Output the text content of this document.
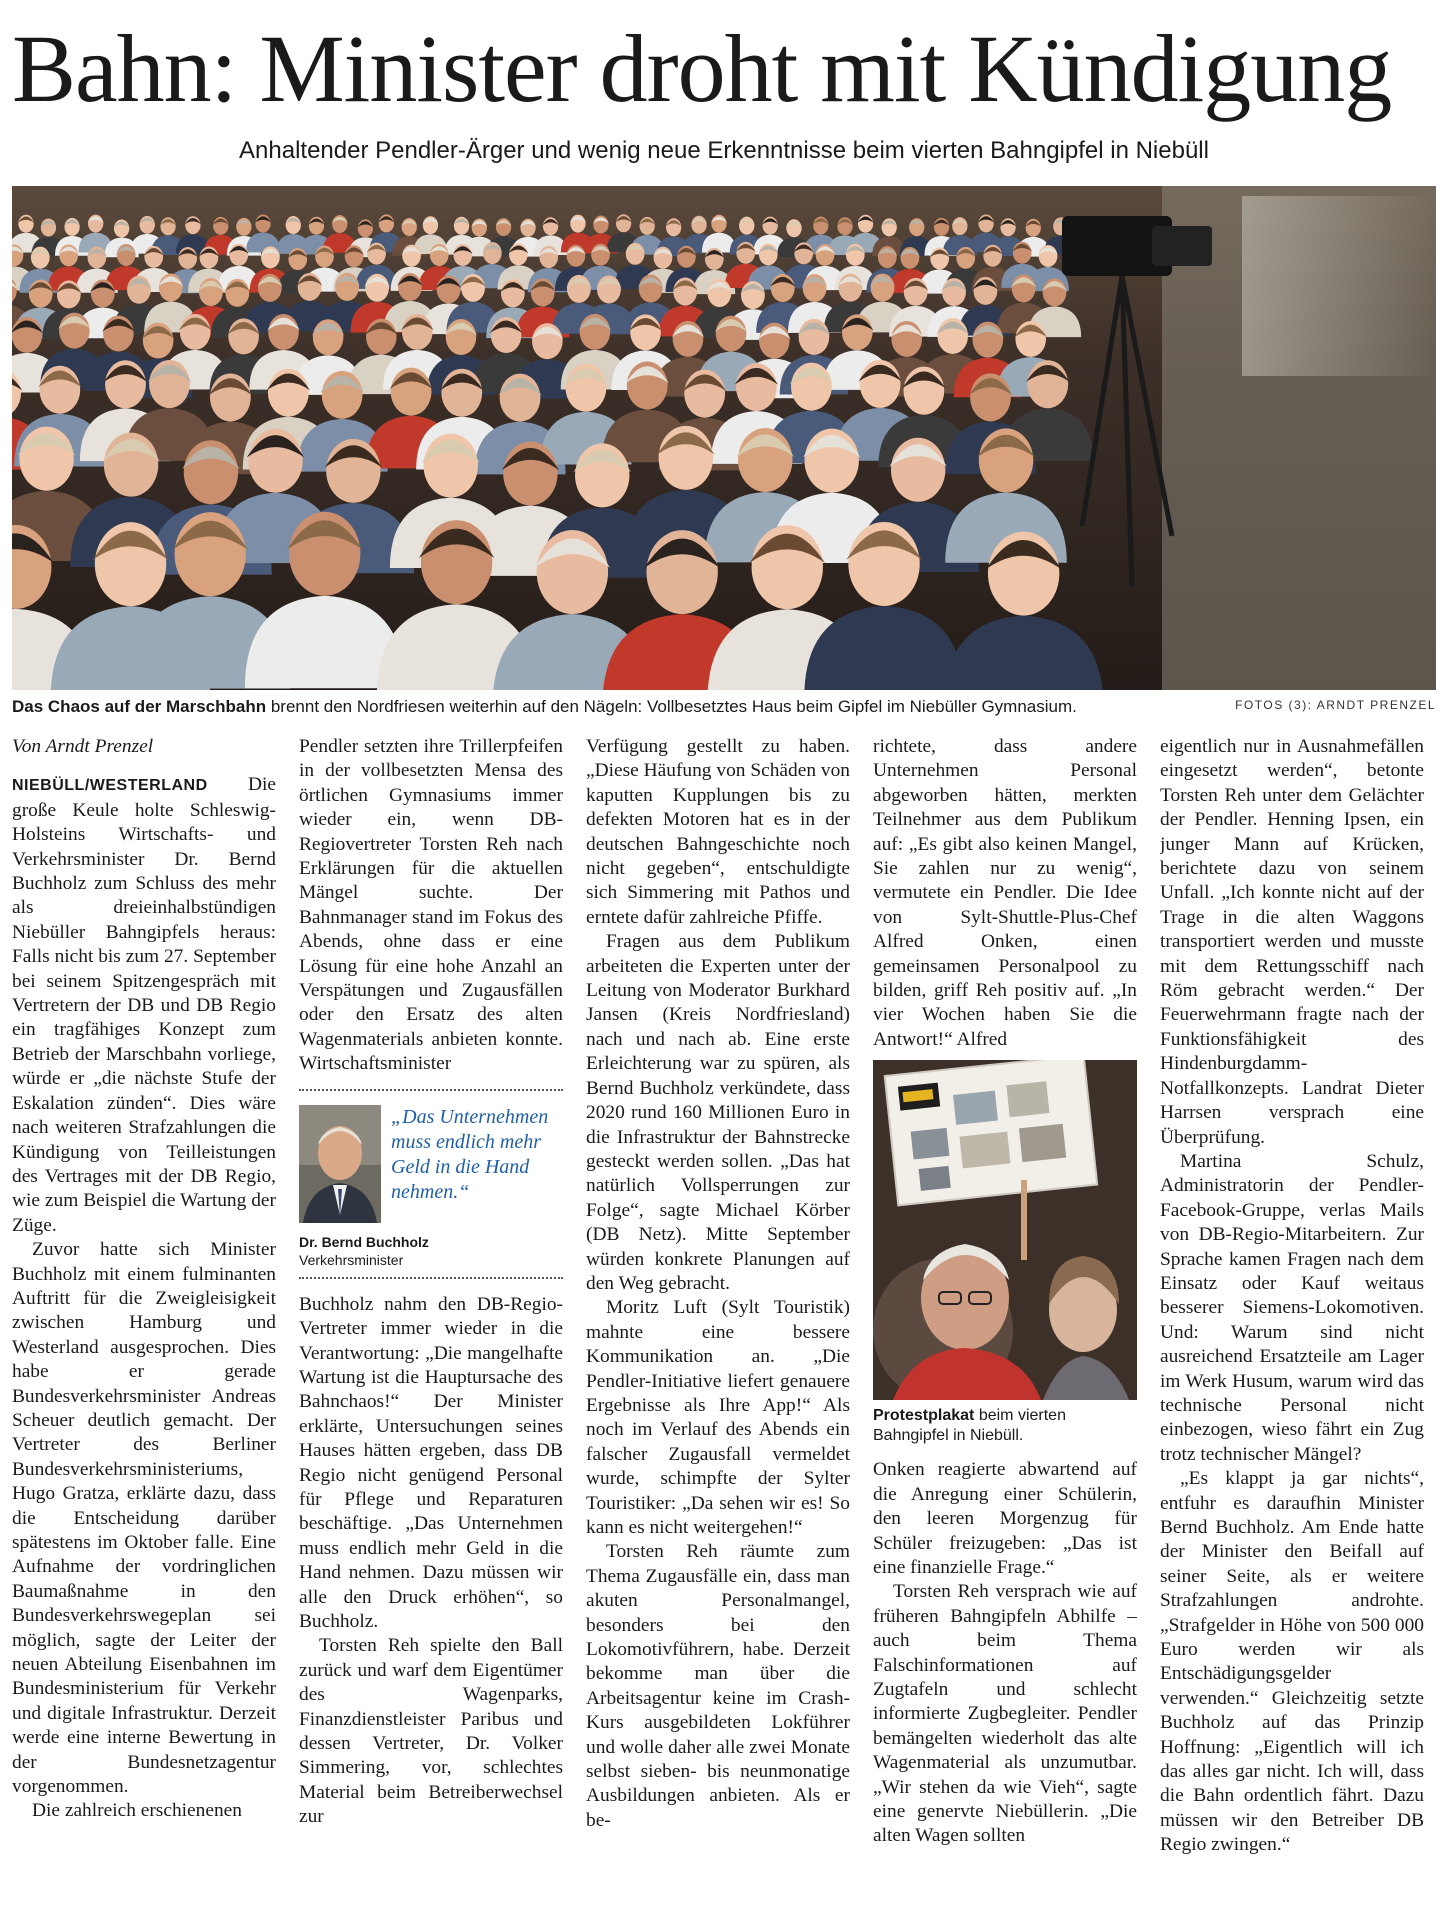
Bahn: Minister droht mit Kündigung
Anhaltender Pendler-Ärger und wenig neue Erkenntnisse beim vierten Bahngipfel in Niebüll
Das Chaos auf der Marschbahn brennt den Nordfriesen weiterhin auf den Nägeln: Vollbesetztes Haus beim Gipfel im Niebüller Gymnasium.	FOTOS (3): ARNDT PRENZEL

Von Arndt Prenzel

NIEBÜLL/WESTERLAND Die große Keule holte Schleswig-Holsteins Wirtschafts- und Verkehrsminister Dr. Bernd Buchholz zum Schluss des mehr als dreieinhalbstündigen Niebüller Bahngipfels heraus: Falls nicht bis zum 27. September bei seinem Spitzengespräch mit Vertretern der DB und DB Regio ein tragfähiges Konzept zum Betrieb der Marschbahn vorliege, würde er „die nächste Stufe der Eskalation zünden“. Dies wäre nach weiteren Strafzahlungen die Kündigung von Teilleistungen des Vertrages mit der DB Regio, wie zum Beispiel die Wartung der Züge.

Zuvor hatte sich Minister Buchholz mit einem fulminanten Auftritt für die Zweigleisigkeit zwischen Hamburg und Westerland ausgesprochen. Dies habe er gerade Bundesverkehrsminister Andreas Scheuer deutlich gemacht. Der Vertreter des Berliner Bundesverkehrsministeriums, Hugo Gratza, erklärte dazu, dass die Entscheidung darüber spätestens im Oktober falle. Eine Aufnahme der vordringlichen Baumaßnahme in den Bundesverkehrswegeplan sei möglich, sagte der Leiter der neuen Abteilung Eisenbahnen im Bundesministerium für Verkehr und digitale Infrastruktur. Derzeit werde eine interne Bewertung in der Bundesnetzagentur vorgenommen.

Die zahlreich erschienenen

Pendler setzten ihre Trillerpfeifen in der vollbesetzten Mensa des örtlichen Gymnasiums immer wieder ein, wenn DB-Regiovertreter Torsten Reh nach Erklärungen für die aktuellen Mängel suchte. Der Bahnmanager stand im Fokus des Abends, ohne dass er eine Lösung für eine hohe Anzahl an Verspätungen und Zugausfällen oder den Ersatz des alten Wagenmaterials anbieten konnte. Wirtschaftsminister

„Das Unternehmen muss endlich mehr Geld in die Hand nehmen.“
Dr. Bernd Buchholz
Verkehrsminister

Buchholz nahm den DB-Regio-Vertreter immer wieder in die Verantwortung: „Die mangelhafte Wartung ist die Hauptursache des Bahnchaos!“ Der Minister erklärte, Untersuchungen seines Hauses hätten ergeben, dass DB Regio nicht genügend Personal für Pflege und Reparaturen beschäftige. „Das Unternehmen muss endlich mehr Geld in die Hand nehmen. Dazu müssen wir alle den Druck erhöhen“, so Buchholz.

Torsten Reh spielte den Ball zurück und warf dem Eigentümer des Wagenparks, Finanzdienstleister Paribus und dessen Vertreter, Dr. Volker Simmering, vor, schlechtes Material beim Betreiberwechsel zur

Verfügung gestellt zu haben. „Diese Häufung von Schäden von kaputten Kupplungen bis zu defekten Motoren hat es in der deutschen Bahngeschichte noch nicht gegeben“, entschuldigte sich Simmering mit Pathos und erntete dafür zahlreiche Pfiffe.

Fragen aus dem Publikum arbeiteten die Experten unter der Leitung von Moderator Burkhard Jansen (Kreis Nordfriesland) nach und nach ab. Eine erste Erleichterung war zu spüren, als Bernd Buchholz verkündete, dass 2020 rund 160 Millionen Euro in die Infrastruktur der Bahnstrecke gesteckt werden sollen. „Das hat natürlich Vollsperrungen zur Folge“, sagte Michael Körber (DB Netz). Mitte September würden konkrete Planungen auf den Weg gebracht.

Moritz Luft (Sylt Touristik) mahnte eine bessere Kommunikation an. „Die Pendler-Initiative liefert genauere Ergebnisse als Ihre App!“ Als noch im Verlauf des Abends ein falscher Zugausfall vermeldet wurde, schimpfte der Sylter Touristiker: „Da sehen wir es! So kann es nicht weitergehen!“

Torsten Reh räumte zum Thema Zugausfälle ein, dass man akuten Personalmangel, besonders bei den Lokomotivführern, habe. Derzeit bekomme man über die Arbeitsagentur keine im Crash-Kurs ausgebildeten Lokführer und wolle daher alle zwei Monate selbst sieben- bis neunmonatige Ausbildungen anbieten. Als er be-

richtete, dass andere Unternehmen Personal abgeworben hätten, merkten Teilnehmer aus dem Publikum auf: „Es gibt also keinen Mangel, Sie zahlen nur zu wenig“, vermutete ein Pendler. Die Idee von Sylt-Shuttle-Plus-Chef Alfred Onken, einen gemeinsamen Personalpool zu bilden, griff Reh positiv auf. „In vier Wochen haben Sie die Antwort!“ Alfred

Protestplakat beim vierten Bahngipfel in Niebüll.

Onken reagierte abwartend auf die Anregung einer Schülerin, den leeren Morgenzug für Schüler freizugeben: „Das ist eine finanzielle Frage.“

Torsten Reh versprach wie auf früheren Bahngipfeln Abhilfe – auch beim Thema Falschinformationen auf Zugtafeln und schlecht informierte Zugbegleiter. Pendler bemängelten wiederholt das alte Wagenmaterial als unzumutbar. „Wir stehen da wie Vieh“, sagte eine genervte Niebüllerin. „Die alten Wagen sollten

eigentlich nur in Ausnahmefällen eingesetzt werden“, betonte Torsten Reh unter dem Gelächter der Pendler. Henning Ipsen, ein junger Mann auf Krücken, berichtete dazu von seinem Unfall. „Ich konnte nicht auf der Trage in die alten Waggons transportiert werden und musste mit dem Rettungsschiff nach Röm gebracht werden.“ Der Feuerwehrmann fragte nach der Funktionsfähigkeit des Hindenburgdamm-Notfallkonzepts. Landrat Dieter Harrsen versprach eine Überprüfung.

Martina Schulz, Administratorin der Pendler-Facebook-Gruppe, verlas Mails von DB-Regio-Mitarbeitern. Zur Sprache kamen Fragen nach dem Einsatz oder Kauf weitaus besserer Siemens-Lokomotiven. Und: Warum sind nicht ausreichend Ersatzteile am Lager im Werk Husum, warum wird das technische Personal nicht einbezogen, wieso fährt ein Zug trotz technischer Mängel?

„Es klappt ja gar nichts“, entfuhr es daraufhin Minister Bernd Buchholz. Am Ende hatte der Minister den Beifall auf seiner Seite, als er weitere Strafzahlungen androhte. „Strafgelder in Höhe von 500 000 Euro werden wir als Entschädigungsgelder verwenden.“ Gleichzeitig setzte Buchholz auf das Prinzip Hoffnung: „Eigentlich will ich das alles gar nicht. Ich will, dass die Bahn ordentlich fährt. Dazu müssen wir den Betreiber DB Regio zwingen.“
